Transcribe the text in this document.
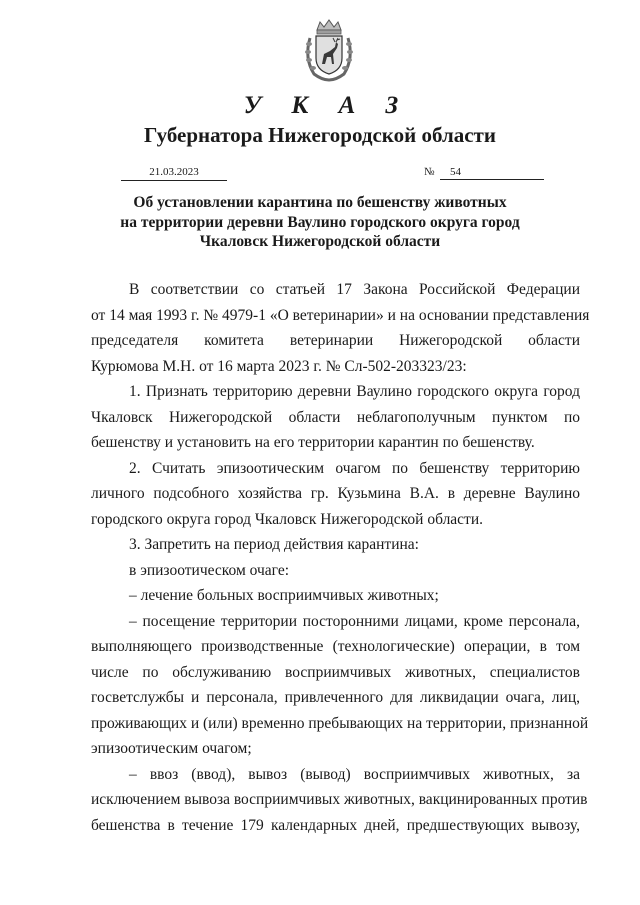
У К А З
Губернатора Нижегородской области
21.03.2023	№	54
Об установлении карантина по бешенству животных
на территории деревни Ваулино городского округа город
Чкаловск Нижегородской области
В соответствии со статьей 17 Закона Российской Федерации
от 14 мая 1993 г. № 4979-1 «О ветеринарии» и на основании представления
председателя комитета ветеринарии Нижегородской области
Курюмова М.Н. от 16 марта 2023 г. № Сл-502-203323/23:
1. Признать территорию деревни Ваулино городского округа город
Чкаловск Нижегородской области неблагополучным пунктом по
бешенству и установить на его территории карантин по бешенству.
2. Считать эпизоотическим очагом по бешенству территорию
личного подсобного хозяйства гр. Кузьмина В.А. в деревне Ваулино
городского округа город Чкаловск Нижегородской области.
3. Запретить на период действия карантина:
в эпизоотическом очаге:
– лечение больных восприимчивых животных;
– посещение территории посторонними лицами, кроме персонала,
выполняющего производственные (технологические) операции, в том
числе по обслуживанию восприимчивых животных, специалистов
госветслужбы и персонала, привлеченного для ликвидации очага, лиц,
проживающих и (или) временно пребывающих на территории, признанной
эпизоотическим очагом;
– ввоз (ввод), вывоз (вывод) восприимчивых животных, за
исключением вывоза восприимчивых животных, вакцинированных против
бешенства в течение 179 календарных дней, предшествующих вывозу,
